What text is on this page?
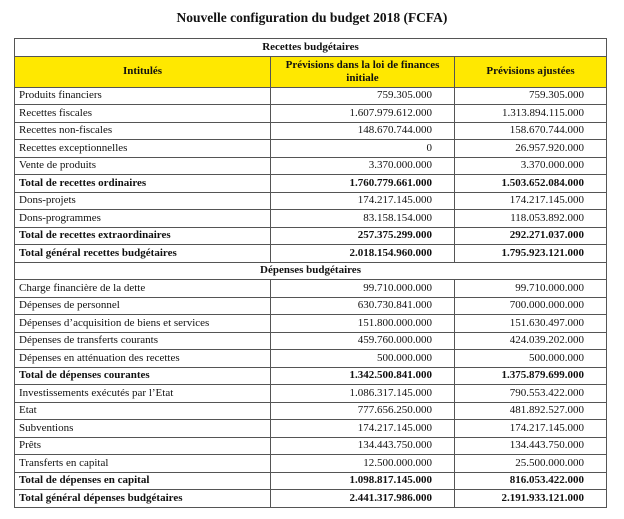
Nouvelle configuration du budget 2018 (FCFA)
Recettes budgétaires		
Intitulés	Prévisions dans la loi de finances initiale	Prévisions ajustées
Produits financiers	759.305.000	759.305.000
Recettes fiscales	1.607.979.612.000	1.313.894.115.000
Recettes non-fiscales	148.670.744.000	158.670.744.000
Recettes exceptionnelles	0	26.957.920.000
Vente de produits	3.370.000.000	3.370.000.000
Total de recettes ordinaires	1.760.779.661.000	1.503.652.084.000
Dons-projets	174.217.145.000	174.217.145.000
Dons-programmes	83.158.154.000	118.053.892.000
Total de recettes extraordinaires	257.375.299.000	292.271.037.000
Total général recettes budgétaires	2.018.154.960.000	1.795.923.121.000
Dépenses budgétaires		
Charge financière de la dette	99.710.000.000	99.710.000.000
Dépenses de personnel	630.730.841.000	700.000.000.000
Dépenses d’acquisition de biens et services	151.800.000.000	151.630.497.000
Dépenses de transferts courants	459.760.000.000	424.039.202.000
Dépenses en atténuation des recettes	500.000.000	500.000.000
Total de dépenses courantes	1.342.500.841.000	1.375.879.699.000
Investissements exécutés par l’Etat	1.086.317.145.000	790.553.422.000
Etat	777.656.250.000	481.892.527.000
Subventions	174.217.145.000	174.217.145.000
Prêts	134.443.750.000	134.443.750.000
Transferts en capital	12.500.000.000	25.500.000.000
Total de dépenses en capital	1.098.817.145.000	816.053.422.000
Total général dépenses budgétaires	2.441.317.986.000	2.191.933.121.000
